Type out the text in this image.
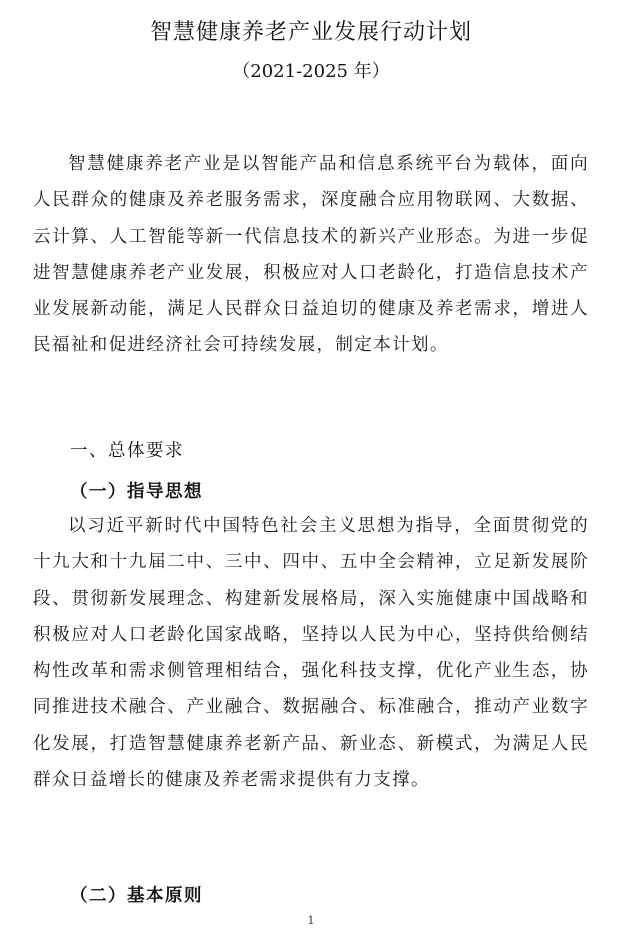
智慧健康养老产业发展行动计划
（2021-2025 年）

智慧健康养老产业是以智能产品和信息系统平台为载体，面向人民群众的健康及养老服务需求，深度融合应用物联网、大数据、云计算、人工智能等新一代信息技术的新兴产业形态。为进一步促进智慧健康养老产业发展，积极应对人口老龄化，打造信息技术产业发展新动能，满足人民群众日益迫切的健康及养老需求，增进人民福祉和促进经济社会可持续发展，制定本计划。

一、总体要求
（一）指导思想

以习近平新时代中国特色社会主义思想为指导，全面贯彻党的十九大和十九届二中、三中、四中、五中全会精神，立足新发展阶段、贯彻新发展理念、构建新发展格局，深入实施健康中国战略和积极应对人口老龄化国家战略，坚持以人民为中心，坚持供给侧结构性改革和需求侧管理相结合，强化科技支撑，优化产业生态，协同推进技术融合、产业融合、数据融合、标准融合，推动产业数字化发展，打造智慧健康养老新产品、新业态、新模式，为满足人民群众日益增长的健康及养老需求提供有力支撑。

（二）基本原则
1
